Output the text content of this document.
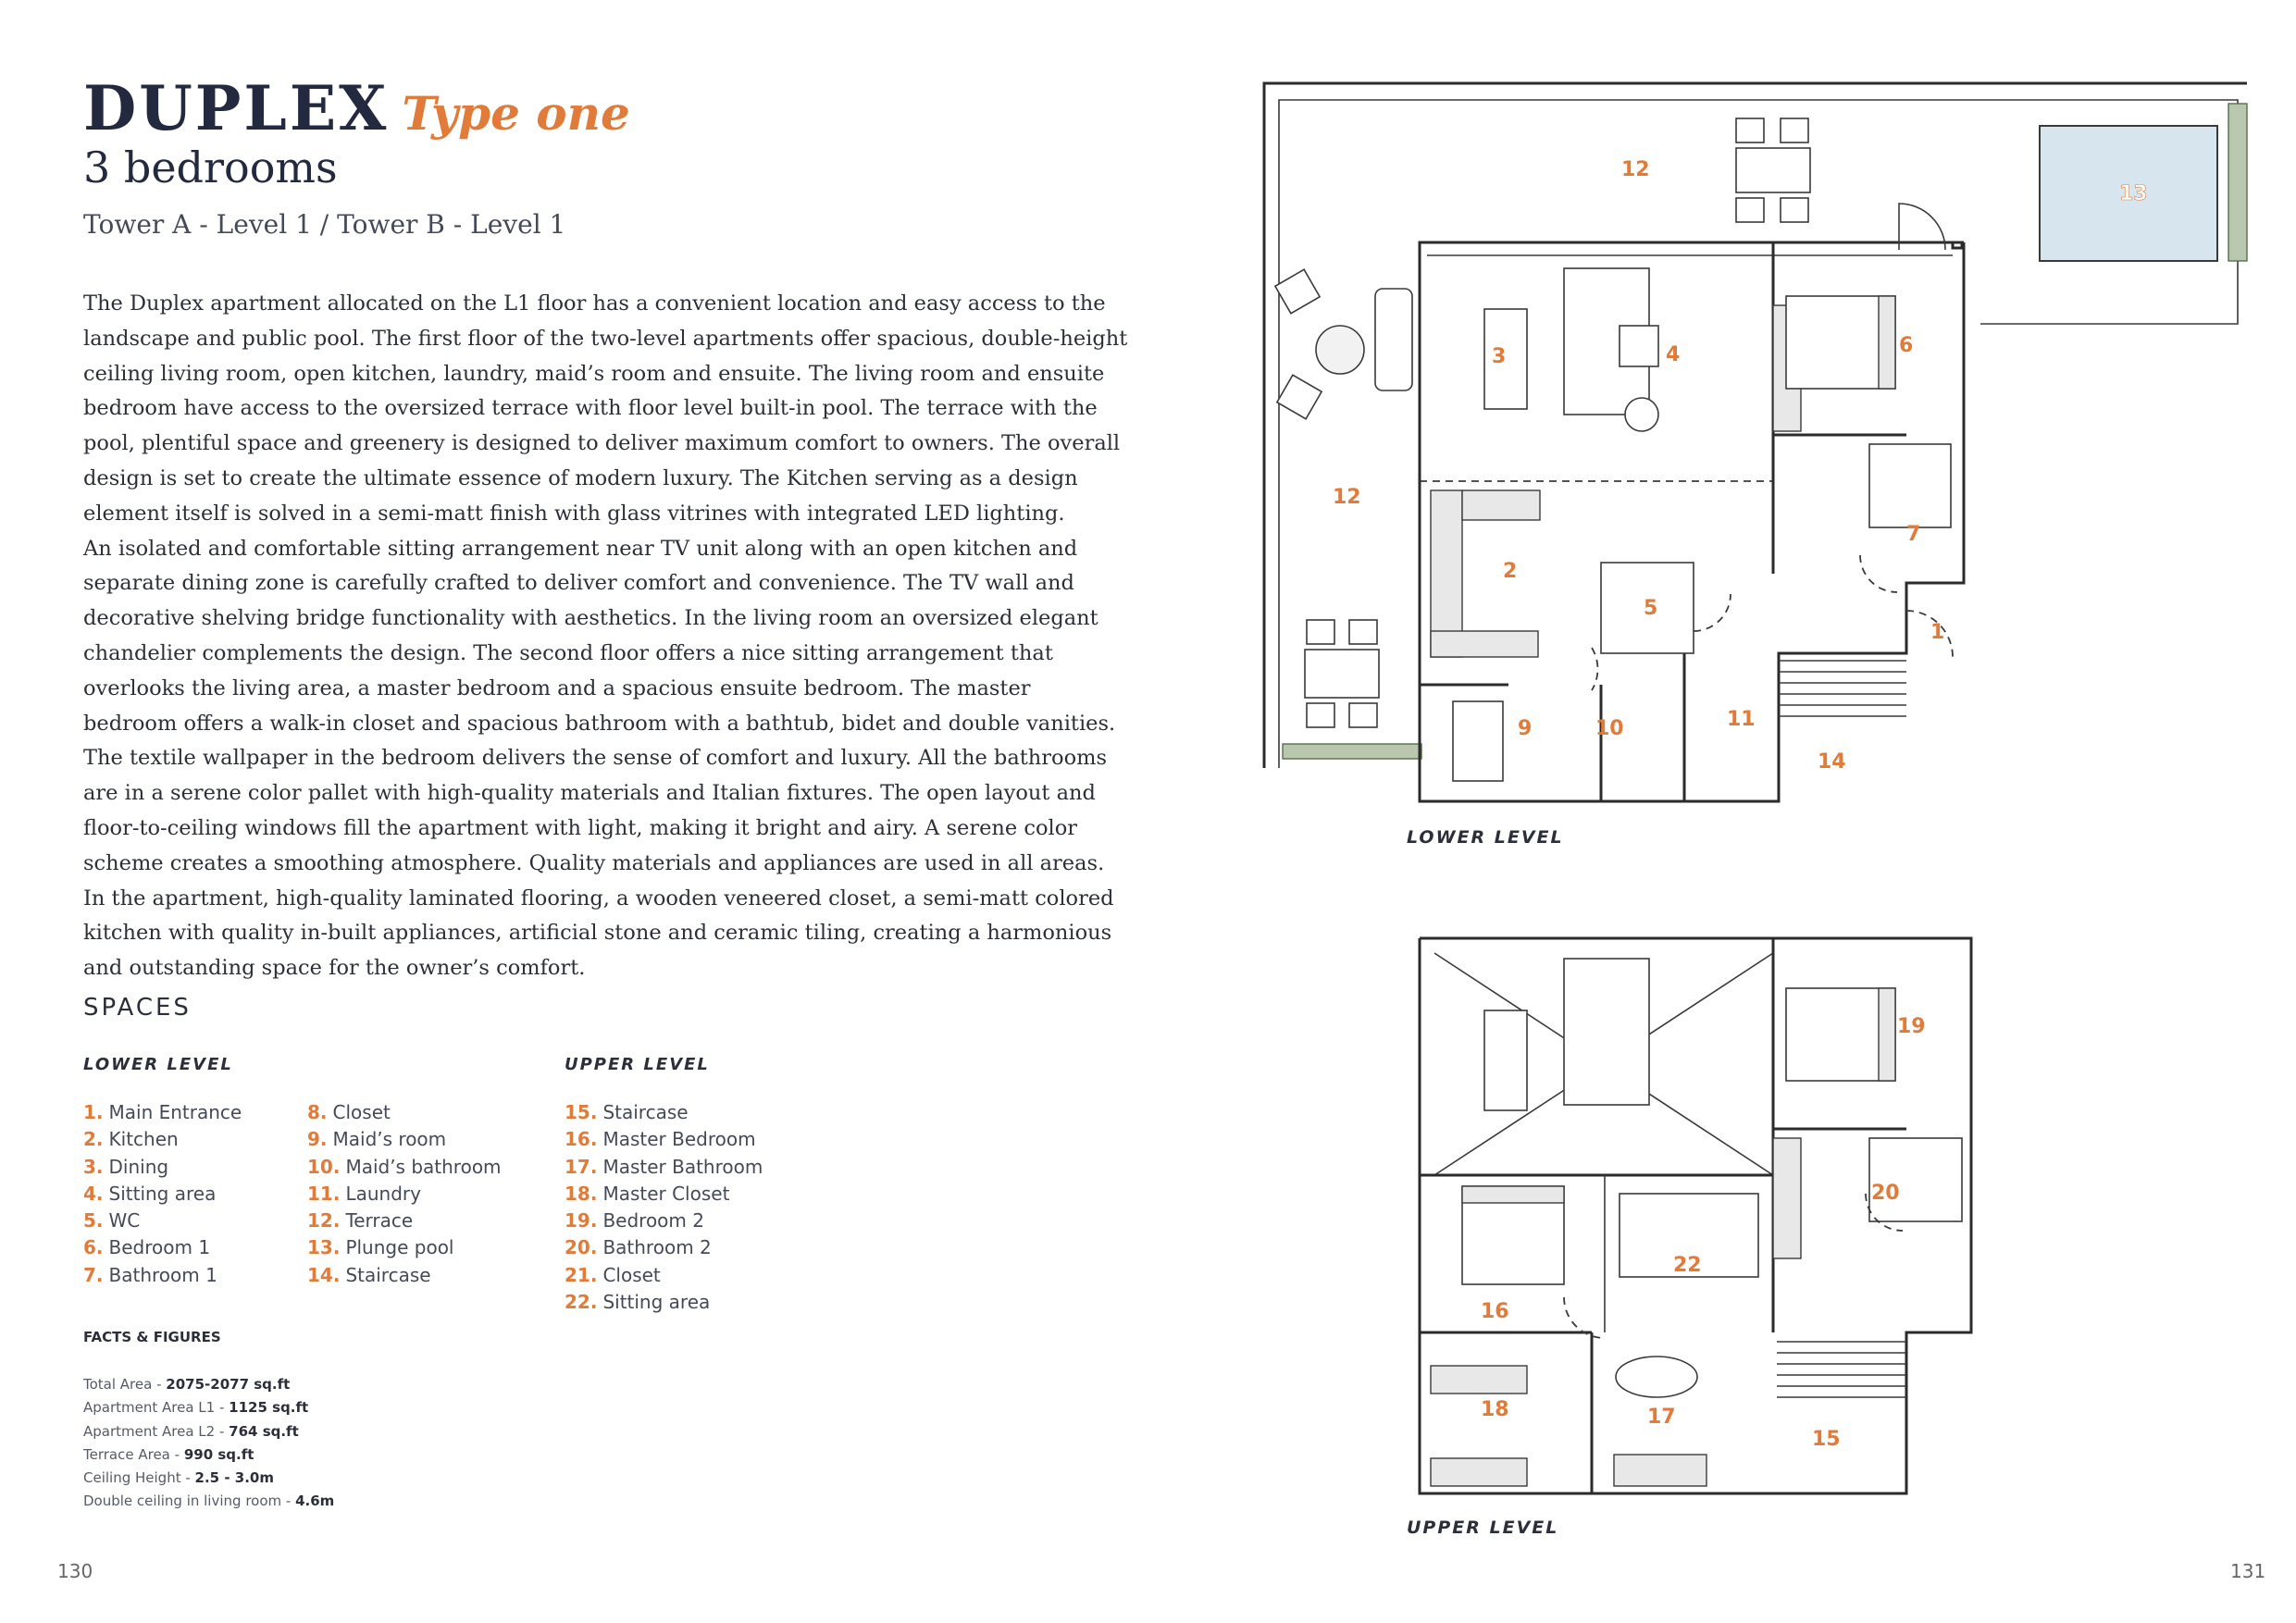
DUPLEX Type one
3 bedrooms
Tower A - Level 1 / Tower B - Level 1

The Duplex apartment allocated on the L1 floor has a convenient location and easy access to the landscape and public pool. The first floor of the two-level apartments offer spacious, double-height ceiling living room, open kitchen, laundry, maid’s room and ensuite. The living room and ensuite bedroom have access to the oversized terrace with floor level built-in pool. The terrace with the pool, plentiful space and greenery is designed to deliver maximum comfort to owners. The overall design is set to create the ultimate essence of modern luxury. The Kitchen serving as a design element itself is solved in a semi-matt finish with glass vitrines with integrated LED lighting.
An isolated and comfortable sitting arrangement near TV unit along with an open kitchen and separate dining zone is carefully crafted to deliver comfort and convenience. The TV wall and decorative shelving bridge functionality with aesthetics. In the living room an oversized elegant chandelier complements the design. The second floor offers a nice sitting arrangement that overlooks the living area, a master bedroom and a spacious ensuite bedroom. The master bedroom offers a walk-in closet and spacious bathroom with a bathtub, bidet and double vanities. The textile wallpaper in the bedroom delivers the sense of comfort and luxury. All the bathrooms are in a serene color pallet with high-quality materials and Italian fixtures. The open layout and floor-to-ceiling windows fill the apartment with light, making it bright and airy. A serene color scheme creates a smoothing atmosphere. Quality materials and appliances are used in all areas. In the apartment, high-quality laminated flooring, a wooden veneered closet, a semi-matt colored kitchen with quality in-built appliances, artificial stone and ceramic tiling, creating a harmonious and outstanding space for the owner’s comfort.

SPACES
LOWER LEVEL	UPPER LEVEL
1. Main Entrance
2. Kitchen
3. Dining
4. Sitting area
5. WC
6. Bedroom 1
7. Bathroom 1
8. Closet
9. Maid’s room
10. Maid’s bathroom
11. Laundry
12. Terrace
13. Plunge pool
14. Staircase
15. Staircase
16. Master Bedroom
17. Master Bathroom
18. Master Closet
19. Bedroom 2
20. Bathroom 2
21. Closet
22. Sitting area
FACTS & FIGURES
Total Area - 2075-2077 sq.ft
Apartment Area L1 - 1125 sq.ft
Apartment Area L2 - 764 sq.ft
Terrace Area - 990 sq.ft
Ceiling Height - 2.5 - 3.0m
Double ceiling in living room - 4.6m
130	131
12
13
3	4	6
12
2
7
5
1
9	10	11
14
19
20
22
16
18	17
15
LOWER LEVEL
UPPER LEVEL
